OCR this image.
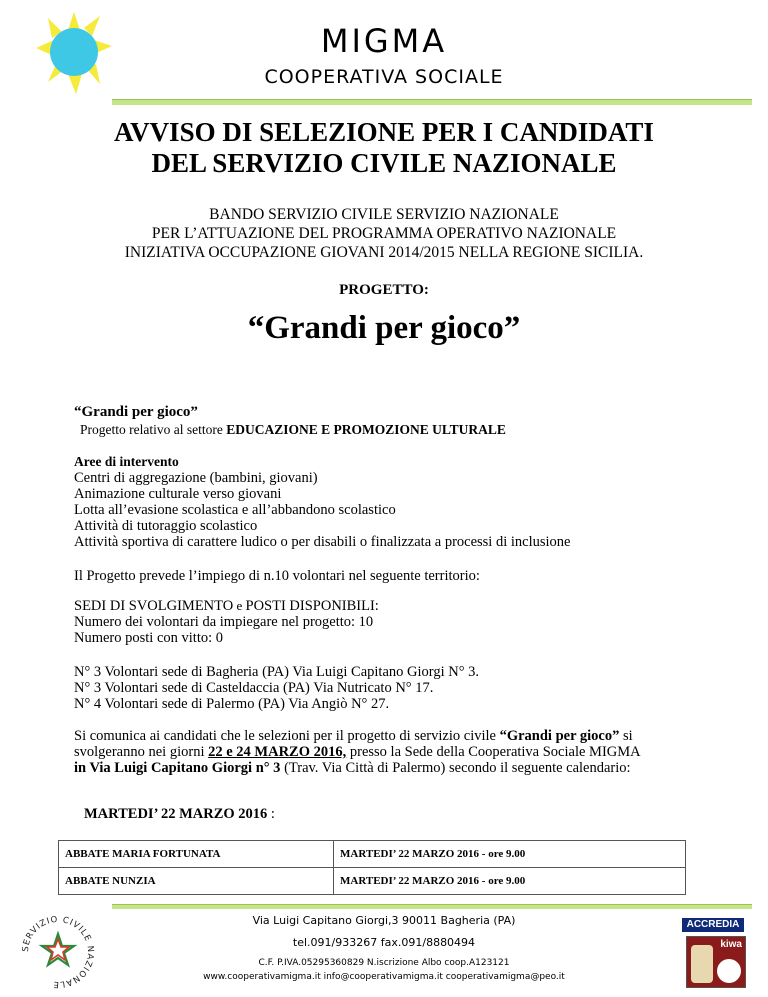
MIGMA
COOPERATIVA SOCIALE
AVVISO DI SELEZIONE PER I CANDIDATI
DEL SERVIZIO CIVILE NAZIONALE
BANDO SERVIZIO CIVILE SERVIZIO NAZIONALE
PER L’ATTUAZIONE DEL PROGRAMMA OPERATIVO NAZIONALE
INIZIATIVA OCCUPAZIONE GIOVANI 2014/2015 NELLA REGIONE SICILIA.
PROGETTO:
“Grandi per gioco”
“Grandi per gioco”
Progetto relativo al settore EDUCAZIONE E PROMOZIONE ULTURALE
Aree di intervento
Centri di aggregazione (bambini, giovani)
Animazione culturale verso giovani
Lotta all’evasione scolastica e all’abbandono scolastico
Attività di tutoraggio scolastico
Attività sportiva di carattere ludico o per disabili o finalizzata a processi di inclusione
Il Progetto prevede l’impiego di n.10 volontari nel seguente territorio:
SEDI DI SVOLGIMENTO e POSTI DISPONIBILI:
Numero dei volontari da impiegare nel progetto: 10
Numero posti con vitto: 0
N° 3 Volontari sede di Bagheria (PA) Via Luigi Capitano Giorgi N° 3.
N° 3 Volontari sede di Casteldaccia (PA) Via Nutricato N° 17.
N° 4 Volontari sede di Palermo (PA) Via Angiò N° 27.
Si comunica ai candidati che le selezioni per il progetto di servizio civile “Grandi per gioco” si
svolgeranno nei giorni 22 e 24 MARZO 2016, presso la Sede della Cooperativa Sociale MIGMA
in Via Luigi Capitano Giorgi n° 3 (Trav. Via Città di Palermo) secondo il seguente calendario:
MARTEDI’ 22 MARZO 2016 :
ABBATE MARIA FORTUNATA	MARTEDI’ 22 MARZO 2016 - ore 9.00
ABBATE NUNZIA	MARTEDI’ 22 MARZO 2016 - ore 9.00
SERVIZIO CIVILE NAZIONALE
Via Luigi Capitano Giorgi,3 90011 Bagheria (PA)
tel.091/933267 fax.091/8880494
C.F. P.IVA.05295360829 N.iscrizione Albo coop.A123121
www.cooperativamigma.it info@cooperativamigma.it cooperativamigma@peo.it
ACCREDIA
kiwa
